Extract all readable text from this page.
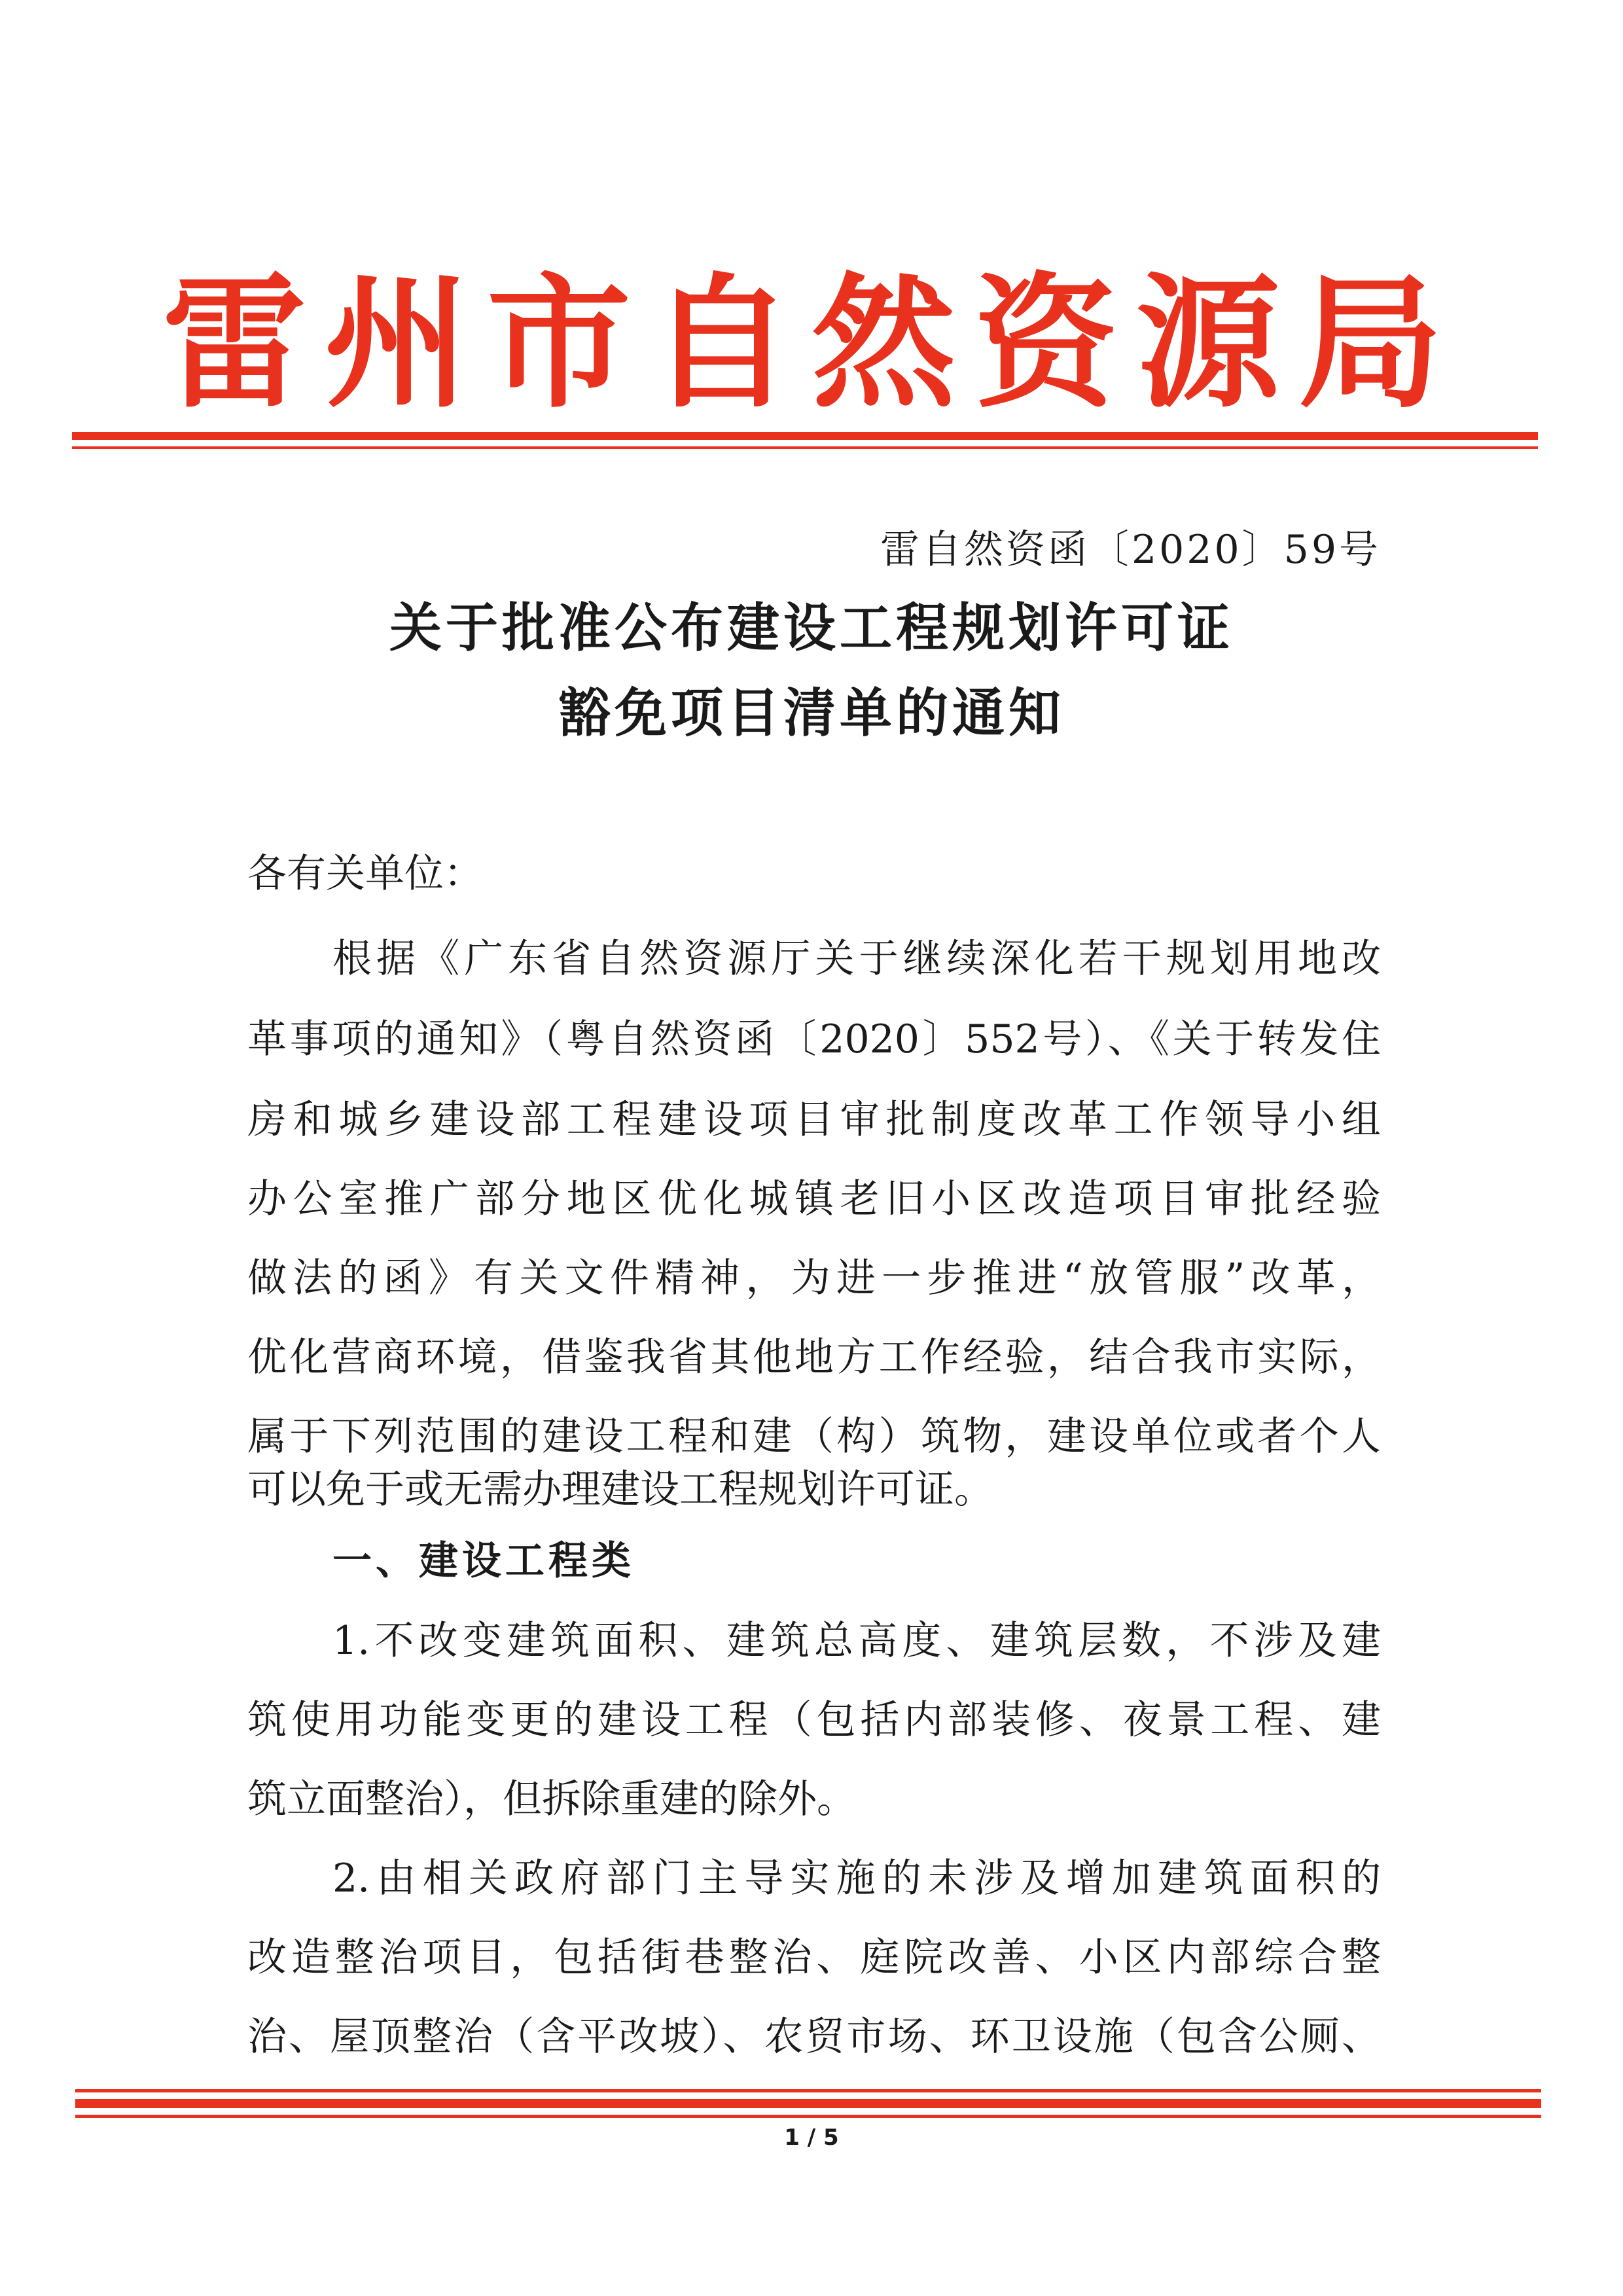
雷州市自然资源局
雷自然资函〔2020〕59号
关于批准公布建设工程规划许可证
豁免项目清单的通知
各有关单位：
根据《广东省自然资源厅关于继续深化若干规划用地改
革事项的通知》（粤自然资函〔2020〕552号）、《关于转发住
房和城乡建设部工程建设项目审批制度改革工作领导小组
办公室推广部分地区优化城镇老旧小区改造项目审批经验
做法的函》有关文件精神，为进一步推进“放管服”改革，
优化营商环境，借鉴我省其他地方工作经验，结合我市实际，
属于下列范围的建设工程和建（构）筑物，建设单位或者个人
可以免于或无需办理建设工程规划许可证。
一、建设工程类
1.不改变建筑面积、建筑总高度、建筑层数，不涉及建
筑使用功能变更的建设工程（包括内部装修、夜景工程、建
筑立面整治），但拆除重建的除外。
2.由相关政府部门主导实施的未涉及增加建筑面积的
改造整治项目，包括街巷整治、庭院改善、小区内部综合整
治、屋顶整治（含平改坡）、农贸市场、环卫设施（包含公厕、
1 / 5
